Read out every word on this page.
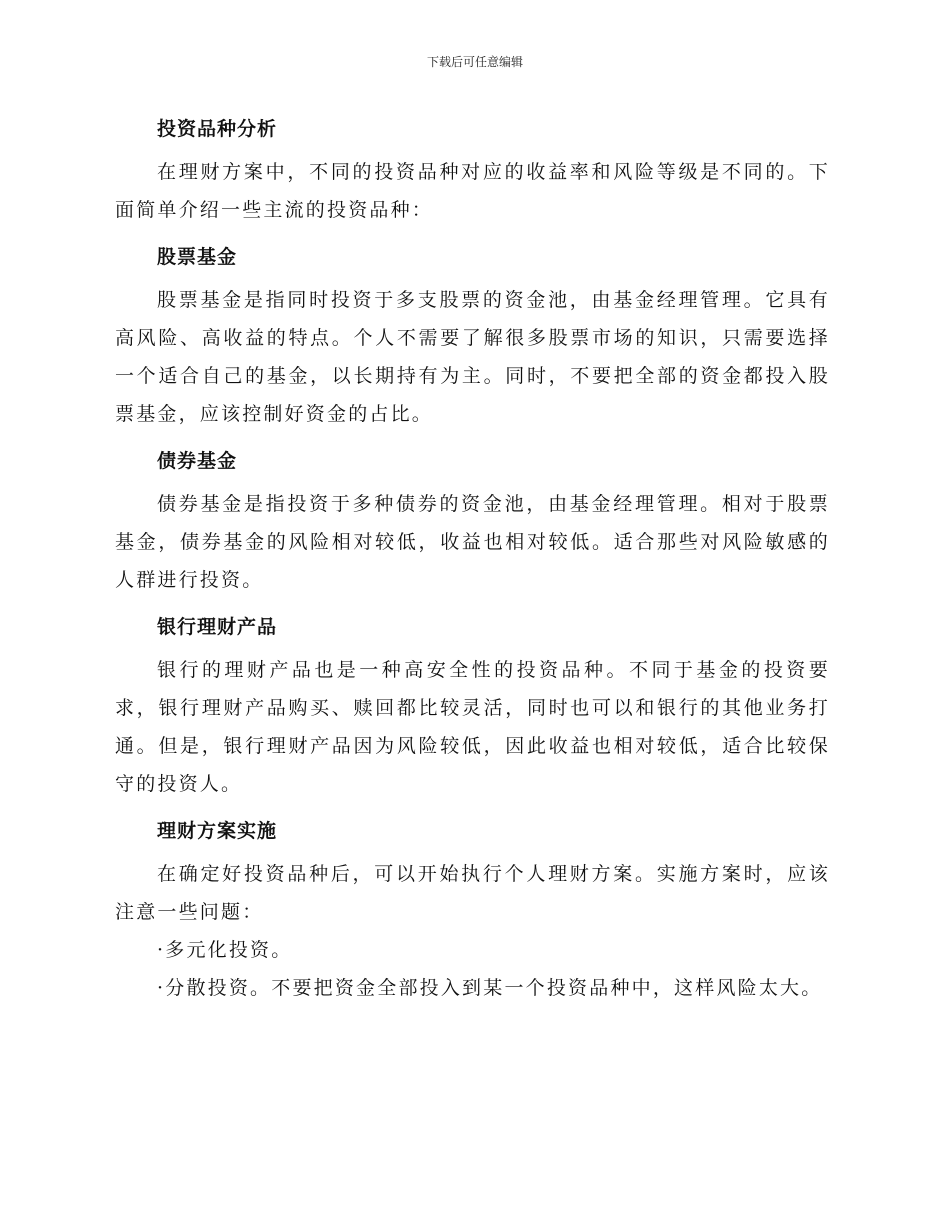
下载后可任意编辑
投资品种分析

在理财方案中，不同的投资品种对应的收益率和风险等级是不同的。下面简单介绍一些主流的投资品种：

股票基金

股票基金是指同时投资于多支股票的资金池，由基金经理管理。它具有高风险、高收益的特点。个人不需要了解很多股票市场的知识，只需要选择一个适合自己的基金，以长期持有为主。同时，不要把全部的资金都投入股票基金，应该控制好资金的占比。

债券基金

债券基金是指投资于多种债券的资金池，由基金经理管理。相对于股票基金，债券基金的风险相对较低，收益也相对较低。适合那些对风险敏感的人群进行投资。

银行理财产品

银行的理财产品也是一种高安全性的投资品种。不同于基金的投资要求，银行理财产品购买、赎回都比较灵活，同时也可以和银行的其他业务打通。但是，银行理财产品因为风险较低，因此收益也相对较低，适合比较保守的投资人。

理财方案实施

在确定好投资品种后，可以开始执行个人理财方案。实施方案时，应该注意一些问题：

·多元化投资。

·分散投资。不要把资金全部投入到某一个投资品种中，这样风险太大。
